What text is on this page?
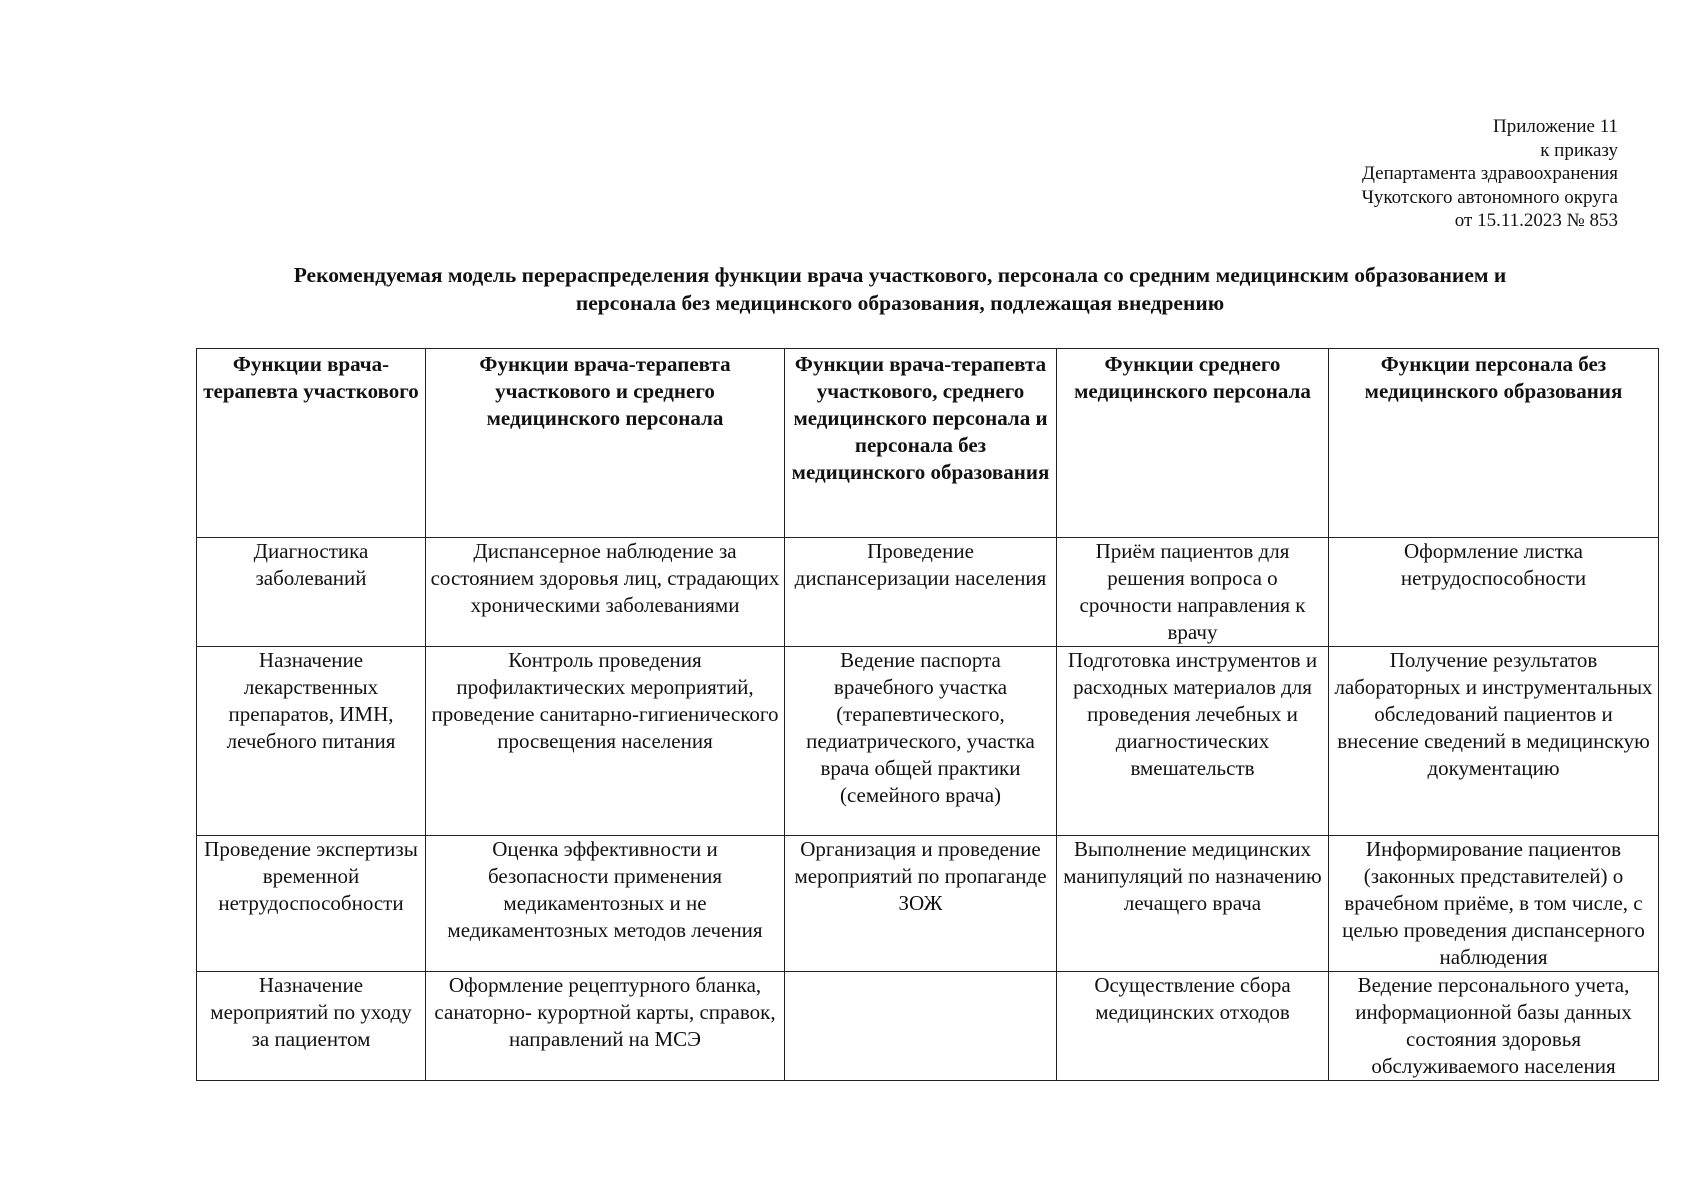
Приложение 11
к приказу
Департамента здравоохранения
Чукотского автономного округа
от 15.11.2023 № 853
Рекомендуемая модель перераспределения функции врача участкового, персонала со средним медицинским образованием и
персонала без медицинского образования, подлежащая внедрению
Функции врача-терапевта участкового	Функции врача-терапевта участкового и среднего медицинского персонала	Функции врача-терапевта участкового, среднего медицинского персонала и персонала без медицинского образования	Функции среднего медицинского персонала	Функции персонала без медицинского образования
Диагностика заболеваний	Диспансерное наблюдение за состоянием здоровья лиц, страдающих хроническими заболеваниями	Проведение диспансеризации населения	Приём пациентов для решения вопроса о срочности направления к врачу	Оформление листка нетрудоспособности
Назначение лекарственных препаратов, ИМН, лечебного питания	Контроль проведения профилактических мероприятий, проведение санитарно-гигиенического просвещения населения	Ведение паспорта врачебного участка (терапевтического, педиатрического, участка врача общей практики (семейного врача)	Подготовка инструментов и расходных материалов для проведения лечебных и диагностических вмешательств	Получение результатов лабораторных и инструментальных обследований пациентов и внесение сведений в медицинскую документацию
Проведение экспертизы временной нетрудоспособности	Оценка эффективности и безопасности применения медикаментозных и не медикаментозных методов лечения	Организация и проведение мероприятий по пропаганде ЗОЖ	Выполнение медицинских манипуляций по назначению лечащего врача	Информирование пациентов (законных представителей) о врачебном приёме, в том числе, с целью проведения диспансерного наблюдения
Назначение мероприятий по уходу за пациентом	Оформление рецептурного бланка, санаторно- курортной карты, справок, направлений на МСЭ		Осуществление сбора медицинских отходов	Ведение персонального учета, информационной базы данных состояния здоровья обслуживаемого населения
